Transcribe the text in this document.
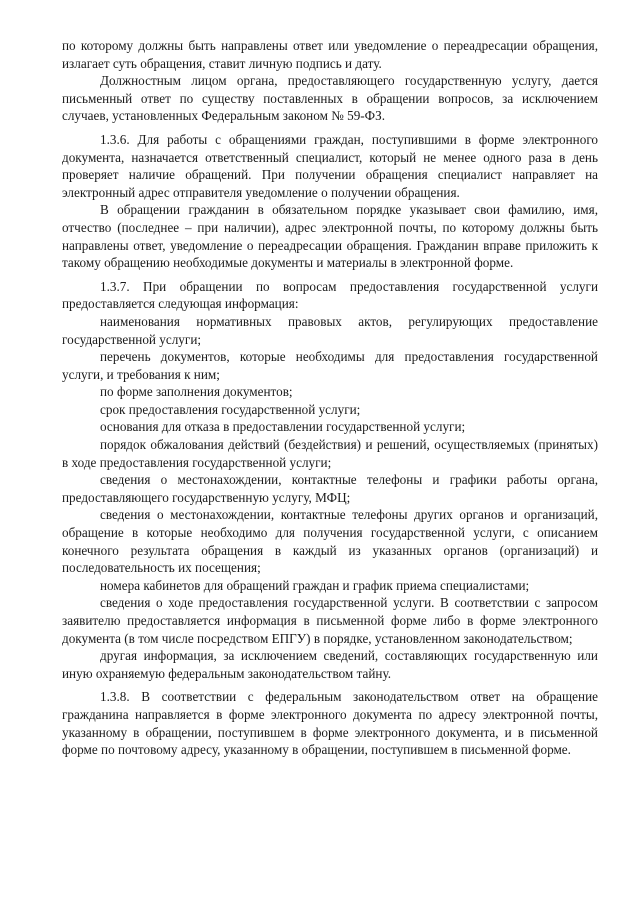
по которому должны быть направлены ответ или уведомление о переадресации обращения, излагает суть обращения, ставит личную подпись и дату.

Должностным лицом органа, предоставляющего государственную услугу, дается письменный ответ по существу поставленных в обращении вопросов, за исключением случаев, установленных Федеральным законом № 59-ФЗ.

1.3.6. Для работы с обращениями граждан, поступившими в форме электронного документа, назначается ответственный специалист, который не менее одного раза в день проверяет наличие обращений. При получении обращения специалист направляет на электронный адрес отправителя уведомление о получении обращения.

В обращении гражданин в обязательном порядке указывает свои фамилию, имя, отчество (последнее – при наличии), адрес электронной почты, по которому должны быть направлены ответ, уведомление о переадресации обращения. Гражданин вправе приложить к такому обращению необходимые документы и материалы в электронной форме.

1.3.7. При обращении по вопросам предоставления государственной услуги предоставляется следующая информация:

наименования нормативных правовых актов, регулирующих предоставление государственной услуги;

перечень документов, которые необходимы для предоставления государственной услуги, и требования к ним;

по форме заполнения документов;

срок предоставления государственной услуги;

основания для отказа в предоставлении государственной услуги;

порядок обжалования действий (бездействия) и решений, осуществляемых (принятых) в ходе предоставления государственной услуги;

сведения о местонахождении, контактные телефоны и графики работы органа, предоставляющего государственную услугу, МФЦ;

сведения о местонахождении, контактные телефоны других органов и организаций, обращение в которые необходимо для получения государственной услуги, с описанием конечного результата обращения в каждый из указанных органов (организаций) и последовательность их посещения;

номера кабинетов для обращений граждан и график приема специалистами;

сведения о ходе предоставления государственной услуги. В соответствии с запросом заявителю предоставляется информация в письменной форме либо в форме электронного документа (в том числе посредством ЕПГУ) в порядке, установленном законодательством;

другая информация, за исключением сведений, составляющих государственную или иную охраняемую федеральным законодательством тайну.

1.3.8. В соответствии с федеральным законодательством ответ на обращение гражданина направляется в форме электронного документа по адресу электронной почты, указанному в обращении, поступившем в форме электронного документа, и в письменной форме по почтовому адресу, указанному в обращении, поступившем в письменной форме.
